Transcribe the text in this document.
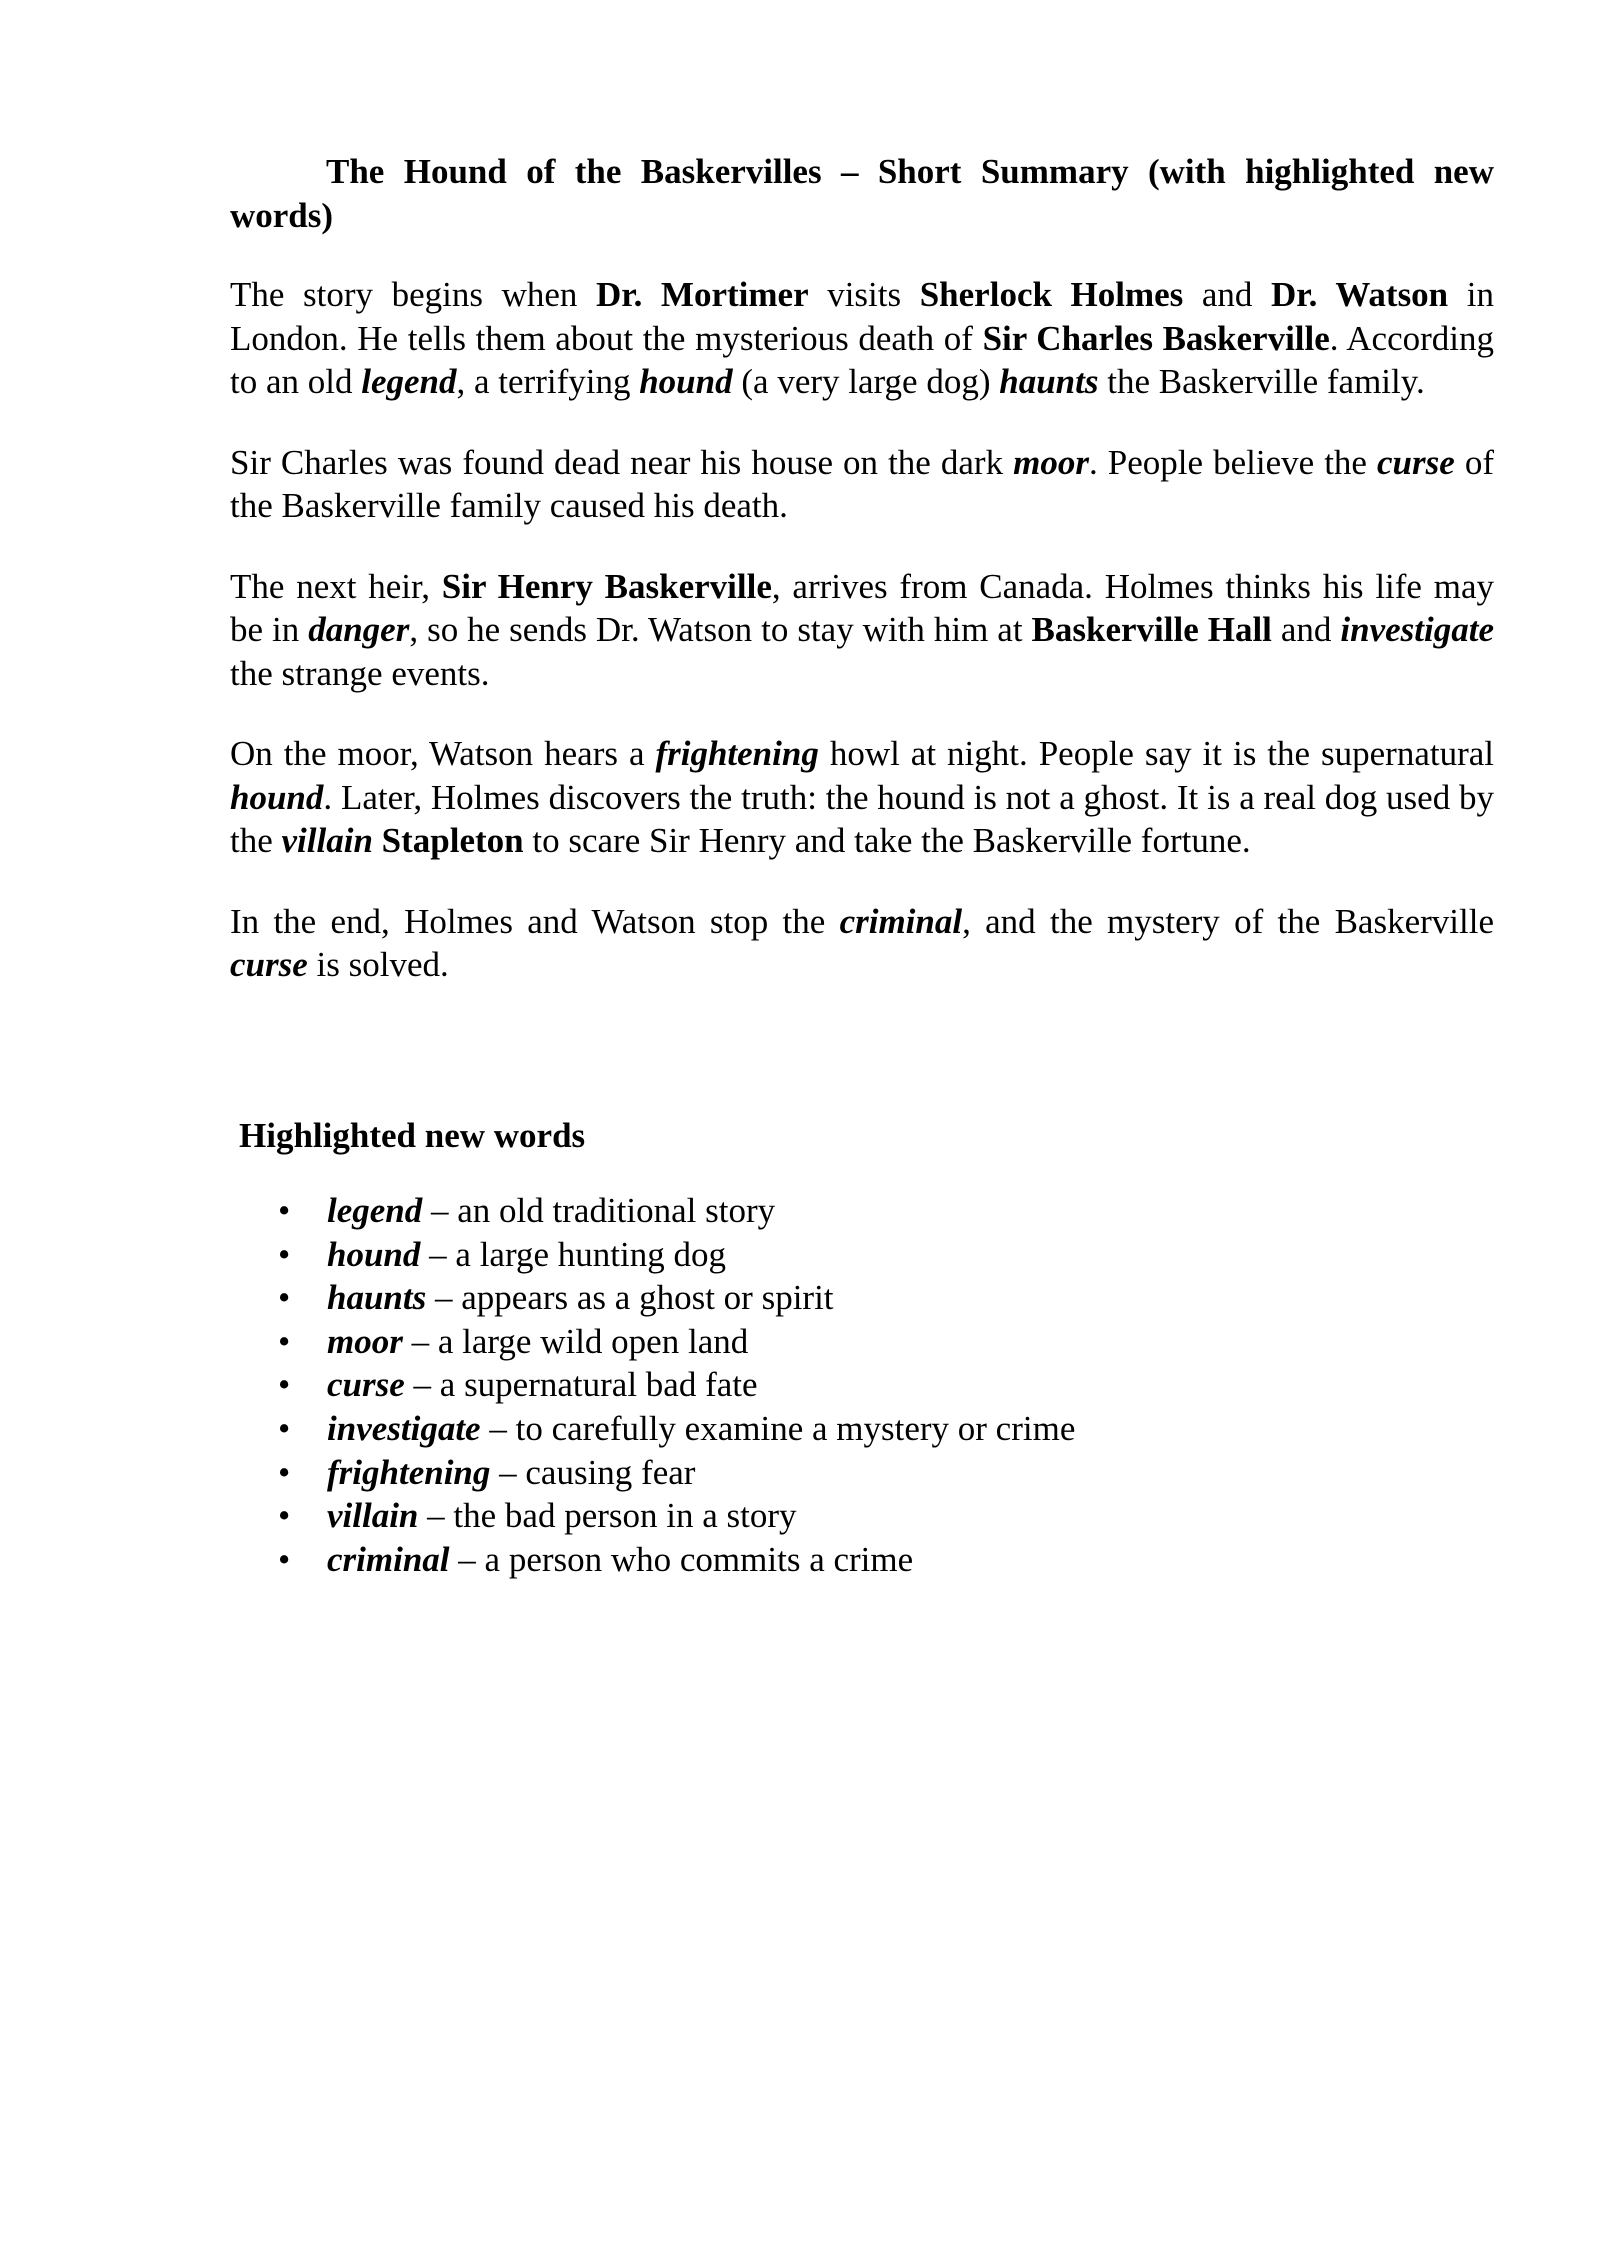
The Hound of the Baskervilles – Short Summary (with highlighted new words)

The story begins when Dr. Mortimer visits Sherlock Holmes and Dr. Watson in London. He tells them about the mysterious death of Sir Charles Baskerville. According to an old legend, a terrifying hound (a very large dog) haunts the Baskerville family.

Sir Charles was found dead near his house on the dark moor. People believe the curse of the Baskerville family caused his death.

The next heir, Sir Henry Baskerville, arrives from Canada. Holmes thinks his life may be in danger, so he sends Dr. Watson to stay with him at Baskerville Hall and investigate the strange events.

On the moor, Watson hears a frightening howl at night. People say it is the supernatural hound. Later, Holmes discovers the truth: the hound is not a ghost. It is a real dog used by the villain Stapleton to scare Sir Henry and take the Baskerville fortune.

In the end, Holmes and Watson stop the criminal, and the mystery of the Baskerville curse is solved.

Highlighted new words

• legend – an old traditional story
• hound – a large hunting dog
• haunts – appears as a ghost or spirit
• moor – a large wild open land
• curse – a supernatural bad fate
• investigate – to carefully examine a mystery or crime
• frightening – causing fear
• villain – the bad person in a story
• criminal – a person who commits a crime
